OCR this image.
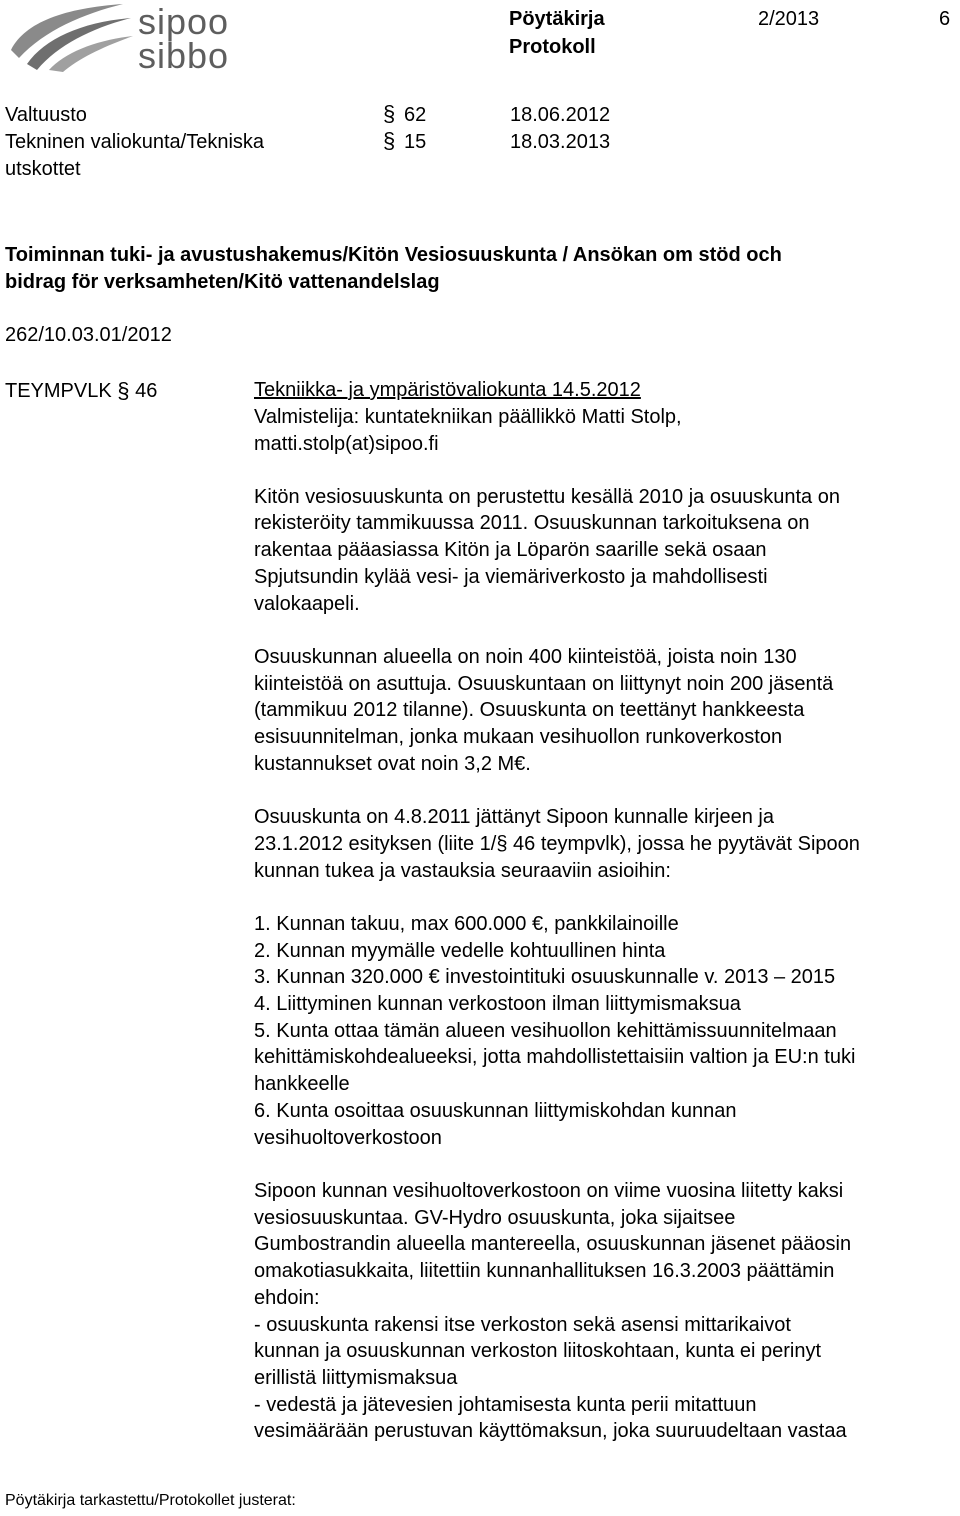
sipoo
sibbo
Pöytäkirja
Protokoll
2/2013	6
Valtuusto	§ 62	18.06.2012
Tekninen valiokunta/Tekniska	§ 15	18.03.2013
utskottet
Toiminnan tuki- ja avustushakemus/Kitön Vesiosuuskunta / Ansökan om stöd och
bidrag för verksamheten/Kitö vattenandelslag
262/10.03.01/2012
TEYMPVLK § 46	Tekniikka- ja ympäristövaliokunta 14.5.2012
Valmistelija: kuntatekniikan päällikkö Matti Stolp,
matti.stolp(at)sipoo.fi

Kitön vesiosuuskunta on perustettu kesällä 2010 ja osuuskunta on

rekisteröity tammikuussa 2011. Osuuskunnan tarkoituksena on

rakentaa pääasiassa Kitön ja Löparön saarille sekä osaan

Spjutsundin kylää vesi- ja viemäriverkosto ja mahdollisesti

valokaapeli.

Osuuskunnan alueella on noin 400 kiinteistöä, joista noin 130

kiinteistöä on asuttuja. Osuuskuntaan on liittynyt noin 200 jäsentä

(tammikuu 2012 tilanne). Osuuskunta on teettänyt hankkeesta

esisuunnitelman, jonka mukaan vesihuollon runkoverkoston

kustannukset ovat noin 3,2 M€.

Osuuskunta on 4.8.2011 jättänyt Sipoon kunnalle kirjeen ja

23.1.2012 esityksen (liite 1/§ 46 teympvlk), jossa he pyytävät Sipoon

kunnan tukea ja vastauksia seuraaviin asioihin:

1. Kunnan takuu, max 600.000 €, pankkilainoille

2. Kunnan myymälle vedelle kohtuullinen hinta

3. Kunnan 320.000 € investointituki osuuskunnalle v. 2013 – 2015

4. Liittyminen kunnan verkostoon ilman liittymismaksua

5. Kunta ottaa tämän alueen vesihuollon kehittämissuunnitelmaan

kehittämiskohdealueeksi, jotta mahdollistettaisiin valtion ja EU:n tuki

hankkeelle

6. Kunta osoittaa osuuskunnan liittymiskohdan kunnan

vesihuoltoverkostoon

Sipoon kunnan vesihuoltoverkostoon on viime vuosina liitetty kaksi

vesiosuuskuntaa. GV-Hydro osuuskunta, joka sijaitsee

Gumbostrandin alueella mantereella, osuuskunnan jäsenet pääosin

omakotiasukkaita, liitettiin kunnanhallituksen 16.3.2003 päättämin

ehdoin:

- osuuskunta rakensi itse verkoston sekä asensi mittarikaivot

kunnan ja osuuskunnan verkoston liitoskohtaan, kunta ei perinyt

erillistä liittymismaksua

- vedestä ja jätevesien johtamisesta kunta perii mitattuun

vesimäärään perustuvan käyttömaksun, joka suuruudeltaan vastaa

Pöytäkirja tarkastettu/Protokollet justerat:
